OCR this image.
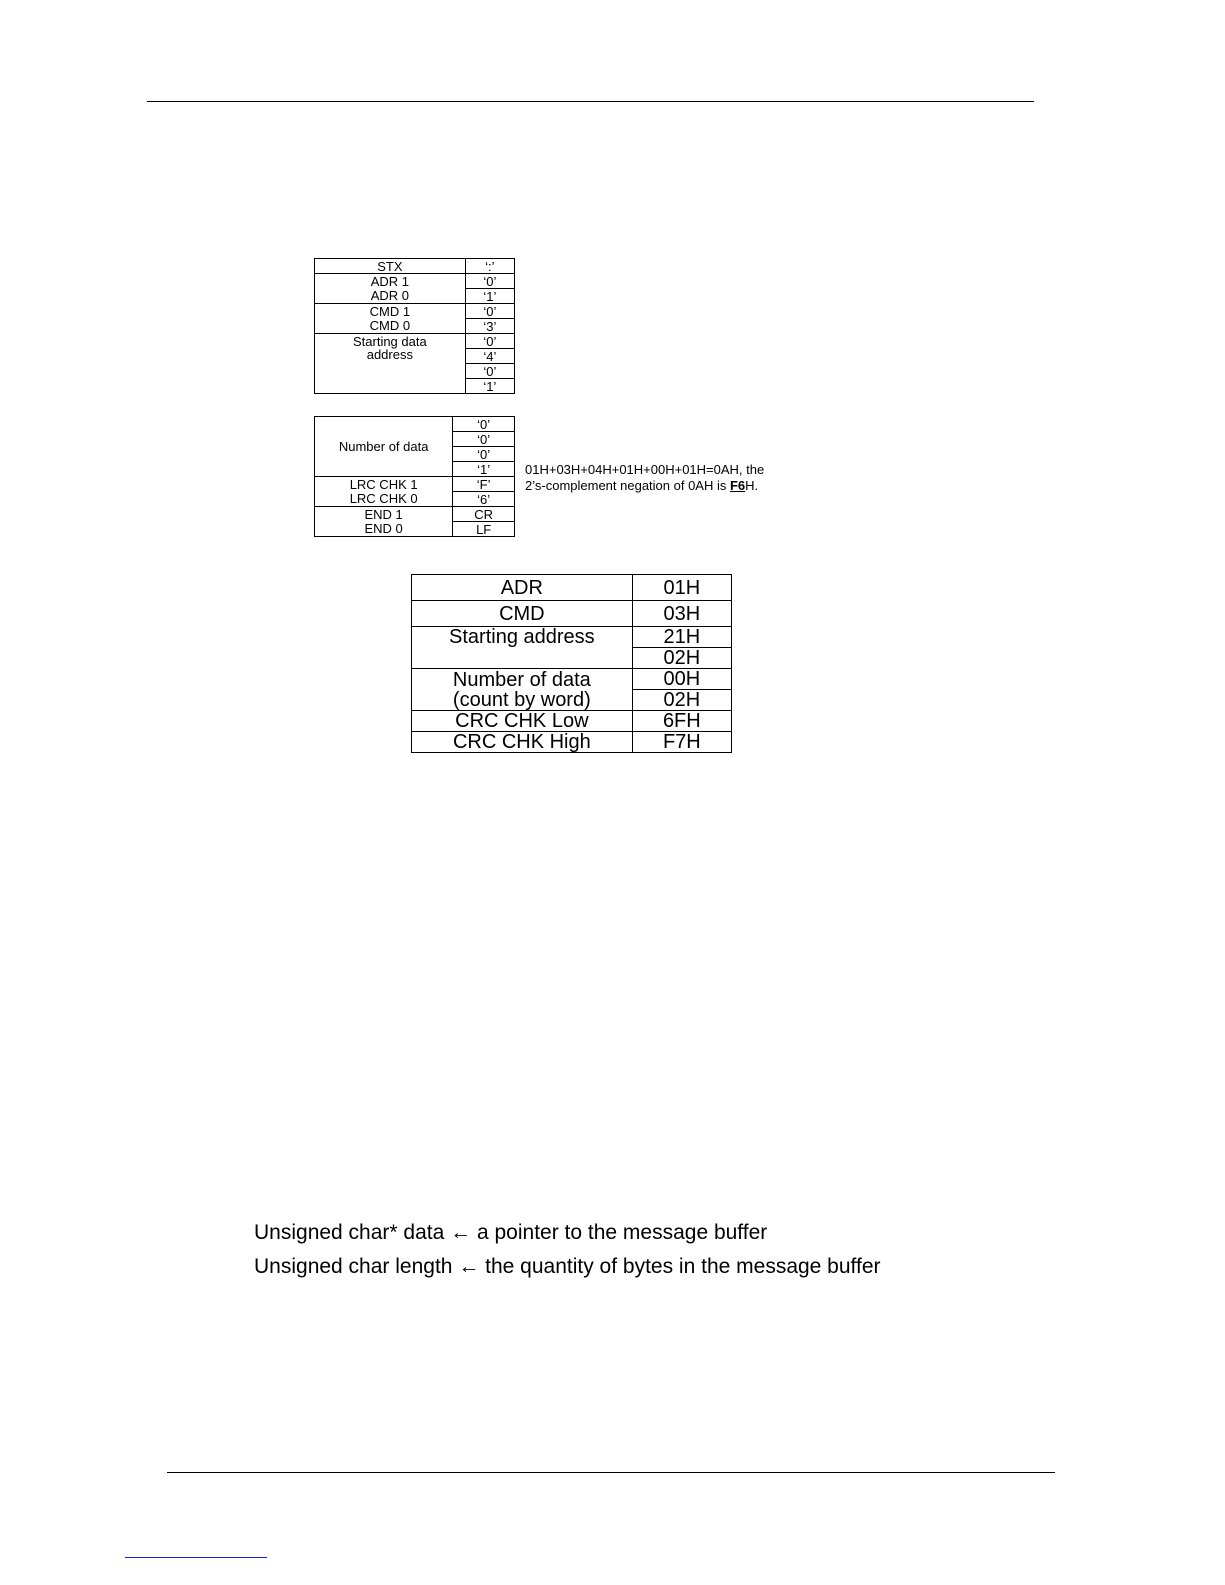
STX	‘:’
ADR 1	‘0’
ADR 0	‘1’
CMD 1	‘0’
CMD 0	‘3’
Starting data address	‘0’
	‘4’
	‘0’
	‘1’
Number of data	‘0’
	‘0’
	‘0’
	‘1’
LRC CHK 1	‘F’
LRC CHK 0	‘6’
END 1	CR
END 0	LF
01H+03H+04H+01H+00H+01H=0AH, the
2’s-complement negation of 0AH is F6H.
ADR	01H
CMD	03H
Starting address	21H
	02H

Number of data
(count by word)	00H
	02H
CRC CHK Low	6FH
CRC CHK High	F7H
Unsigned char* data ← a pointer to the message buffer
Unsigned char length ← the quantity of bytes in the message buffer
